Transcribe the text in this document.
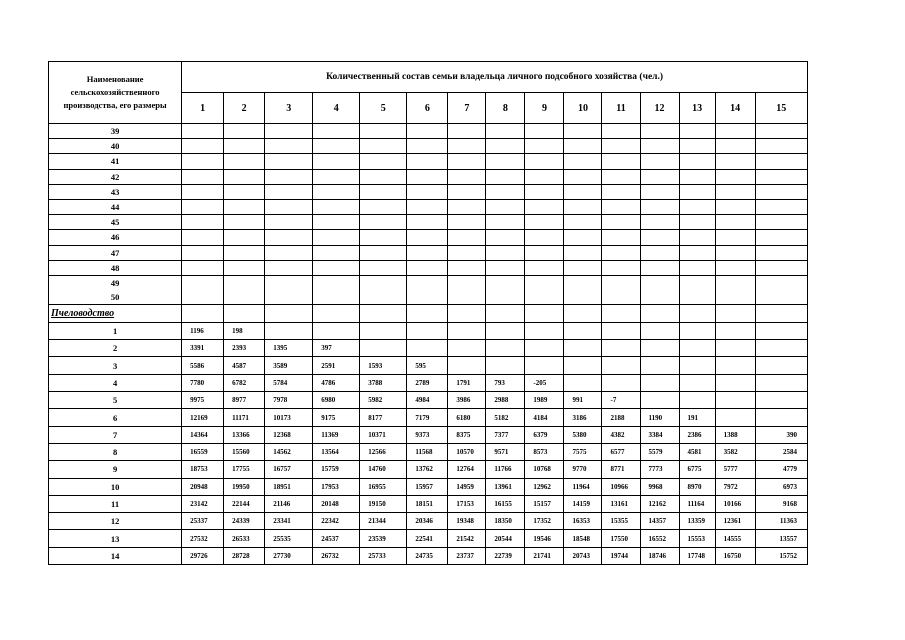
Наименование сельскохозяйственного производства, его размеры	Количественный состав семьи владельца личного подсобного хозяйства (чел.)														
	1	2	3	4	5	6	7	8	9	10	11	12	13	14	15
39															
40															
41															
42															
43															
44															
45															
46															
47															
48															

49
50															

Пчеловодство															
1	1196	198													
2	3391	2393	1395	397											
3	5586	4587	3589	2591	1593	595									
4	7780	6782	5784	4786	3788	2789	1791	793	-205						
5	9975	8977	7978	6980	5982	4984	3986	2988	1989	991	-7				
6	12169	11171	10173	9175	8177	7179	6180	5182	4184	3186	2188	1190	191		
7	14364	13366	12368	11369	10371	9373	8375	7377	6379	5380	4382	3384	2386	1388	390
8	16559	15560	14562	13564	12566	11568	10570	9571	8573	7575	6577	5579	4581	3582	2584
9	18753	17755	16757	15759	14760	13762	12764	11766	10768	9770	8771	7773	6775	5777	4779
10	20948	19950	18951	17953	16955	15957	14959	13961	12962	11964	10966	9968	8970	7972	6973
11	23142	22144	21146	20148	19150	18151	17153	16155	15157	14159	13161	12162	11164	10166	9168
12	25337	24339	23341	22342	21344	20346	19348	18350	17352	16353	15355	14357	13359	12361	11363
13	27532	26533	25535	24537	23539	22541	21542	20544	19546	18548	17550	16552	15553	14555	13557
14	29726	28728	27730	26732	25733	24735	23737	22739	21741	20743	19744	18746	17748	16750	15752
